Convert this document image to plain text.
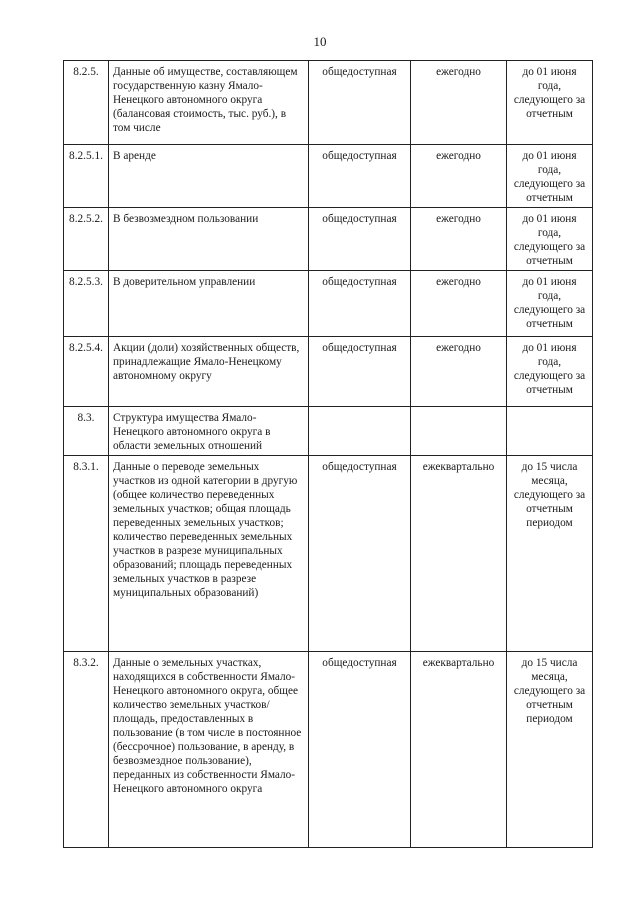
10
8.2.5.	Данные об имуществе, составляющем государственную казну Ямало-Ненецкого автономного округа (балансовая стоимость, тыс. руб.), в том числе	общедоступная	ежегодно	до 01 июня года, следующего за отчетным
8.2.5.1.	В аренде	общедоступная	ежегодно	до 01 июня года, следующего за отчетным
8.2.5.2.	В безвозмездном пользовании	общедоступная	ежегодно	до 01 июня года, следующего за отчетным
8.2.5.3.	В доверительном управлении	общедоступная	ежегодно	до 01 июня года, следующего за отчетным
8.2.5.4.	Акции (доли) хозяйственных обществ, принадлежащие Ямало-Ненецкому автономному округу	общедоступная	ежегодно	до 01 июня года, следующего за отчетным
8.3.	Структура имущества Ямало-Ненецкого автономного округа в области земельных отношений			
8.3.1.	Данные о переводе земельных участков из одной категории в другую (общее количество переведенных земельных участков; общая площадь переведенных земельных участков; количество переведенных земельных участков в разрезе муниципальных образований; площадь переведенных земельных участков в разрезе муниципальных образований)	общедоступная	ежеквартально	до 15 числа месяца, следующего за отчетным периодом
8.3.2.	Данные о земельных участках, находящихся в собственности Ямало-Ненецкого автономного округа, общее количество земельных участков/площадь, предоставленных в пользование (в том числе в постоянное (бессрочное) пользование, в аренду, в безвозмездное пользование), переданных из собственности Ямало-Ненецкого автономного округа	общедоступная	ежеквартально	до 15 числа месяца, следующего за отчетным периодом
